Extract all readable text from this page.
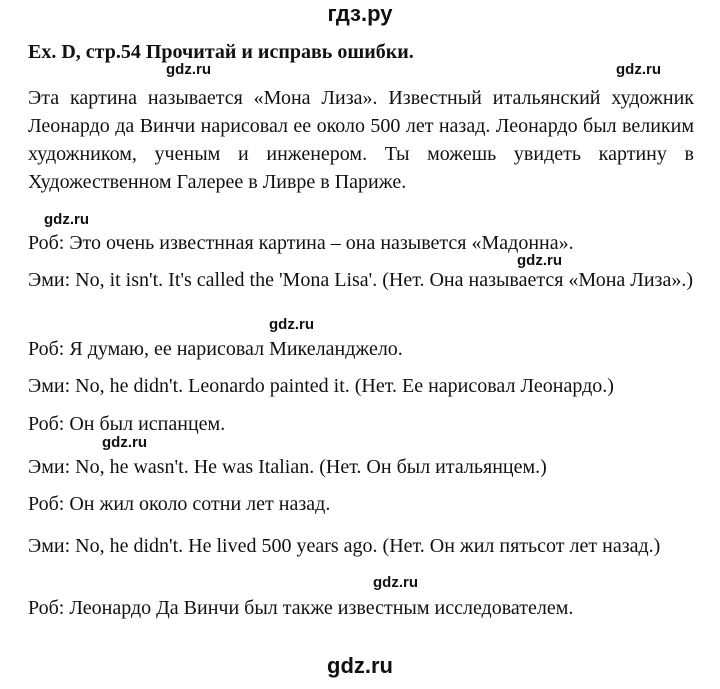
гдз.ру
Ex. D, стр.54 Прочитай и исправь ошибки.

Эта картина называется «Мона Лиза». Известный итальянский художник Леонардо да Винчи нарисовал ее около 500 лет назад. Леонардо был великим художником, ученым и инженером. Ты можешь увидеть картину в Художественном Галерее в Ливре в Париже.

Роб: Это очень известнная картина – она назывется «Мадонна».

Эми: No, it isn't. It's called the 'Mona Lisa'. (Нет. Она называется «Мона Лиза».)

Роб: Я думаю, ее нарисовал Микеланджело.

Эми: No, he didn't. Leonardo painted it. (Нет. Ее нарисовал Леонардо.)

Роб: Он был испанцем.

Эми: No, he wasn't. He was Italian. (Нет. Он был итальянцем.)

Роб: Он жил около сотни лет назад.

Эми: No, he didn't. He lived 500 years ago. (Нет. Он жил пятьсот лет назад.)

Роб: Леонардо Да Винчи был также известным исследователем.

gdz.ru	gdz.ru
gdz.ru
gdz.ru
gdz.ru
gdz.ru
gdz.ru
gdz.ru
